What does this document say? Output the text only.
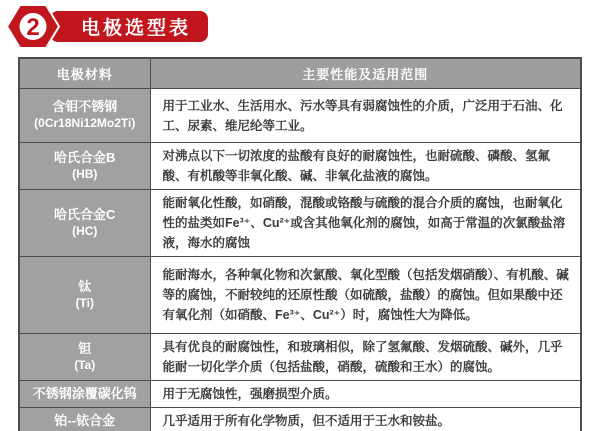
电极选型表
2
电极材料	主要性能及适用范围

含钼不锈钢
(0Cr18Ni12Mo2Ti)	用于工业水、生活用水、污水等具有弱腐蚀性的介质，广泛用于石油、化工、尿素、维尼纶等工业。

哈氏合金B
(HB)	对沸点以下一切浓度的盐酸有良好的耐腐蚀性，也耐硫酸、磷酸、氢氟酸、有机酸等非氧化酸、碱、非氧化盐液的腐蚀。

哈氏合金C
(HC)	能耐氧化性酸，如硝酸，混酸或铬酸与硫酸的混合介质的腐蚀，也耐氧化性的盐类如Fe³⁺、Cu²⁺或含其他氧化剂的腐蚀，如高于常温的次氯酸盐溶液，海水的腐蚀

钛
(Ti)	能耐海水，各种氧化物和次氯酸、氧化型酸（包括发烟硝酸）、有机酸、碱等的腐蚀，不耐较纯的还原性酸（如硫酸，盐酸）的腐蚀。但如果酸中还有氧化剂（如硝酸、Fe³⁺、Cu²⁺）时，腐蚀性大为降低。

钽
(Ta)	具有优良的耐腐蚀性，和玻璃相似，除了氢氟酸、发烟硫酸、碱外，几乎能耐一切化学介质（包括盐酸，硝酸，硫酸和王水）的腐蚀。

不锈钢涂覆碳化钨	用于无腐蚀性，强磨损型介质。

铂--铱合金	几乎适用于所有化学物质，但不适用于王水和铵盐。
